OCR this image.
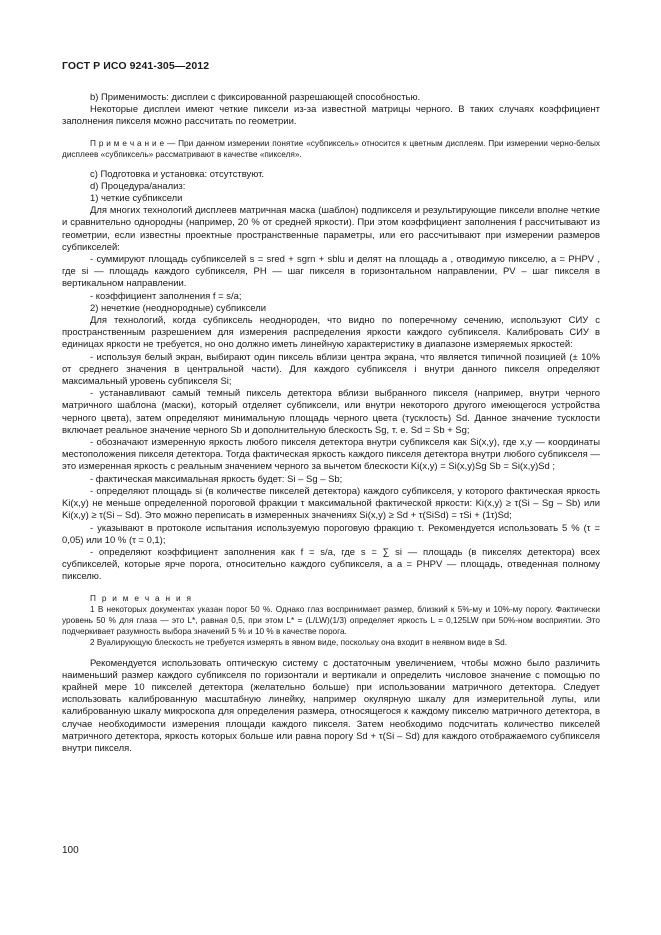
ГОСТ Р ИСО 9241-305—2012

b) Применимость: дисплеи с фиксированной разрешающей способностью.

Некоторые дисплеи имеют четкие пиксели из-за известной матрицы черного. В таких случаях коэффициент заполнения пикселя можно рассчитать по геометрии.

П р и м е ч а н и е — При данном измерении понятие «субпиксель» относится к цветным дисплеям. При измерении черно-белых дисплеев «субпиксель» рассматривают в качестве «пикселя».

c) Подготовка и установка: отсутствуют.

d) Процедура/анализ:

1) четкие субпиксели

Для многих технологий дисплеев матричная маска (шаблон) подпикселя и результирующие пиксели вполне четкие и сравнительно однородны (например, 20 % от средней яркости). При этом коэффициент заполнения f рассчитывают из геометрии, если известны проектные пространственные параметры, или его рассчитывают при измерении размеров субпикселей:

- суммируют площадь субпикселей s = sred + sgrn + sblu и делят на площадь a , отводимую пикселю, a = PHPV , где si — площадь каждого субпикселя, PH — шаг пикселя в горизонтальном направлении, PV – шаг пикселя в вертикальном направлении.

- коэффициент заполнения f = s/a;

2) нечеткие (неоднородные) субпиксели

Для технологий, когда субпиксель неоднороден, что видно по поперечному сечению, используют СИУ с пространственным разрешением для измерения распределения яркости каждого субпикселя. Калибровать СИУ в единицах яркости не требуется, но оно должно иметь линейную характеристику в диапазоне измеряемых яркостей:

- используя белый экран, выбирают один пиксель вблизи центра экрана, что является типичной позицией (± 10% от среднего значения в центральной части). Для каждого субпикселя i внутри данного пикселя определяют максимальный уровень субпикселя Si;

- устанавливают самый темный пиксель детектора вблизи выбранного пикселя (например, внутри черного матричного шаблона (маски), который отделяет субпиксели, или внутри некоторого другого имеющегося устройства черного цвета), затем определяют минимальную площадь черного цвета (тусклость) Sd. Данное значение тусклости включает реальное значение черного Sb и дополнительную блескость Sg, т. е. Sd = Sb + Sg;

- обозначают измеренную яркость любого пикселя детектора внутри субпикселя как Si(x,y), где x,y — координаты местоположения пикселя детектора. Тогда фактическая яркость каждого пикселя детектора внутри любого субпикселя — это измеренная яркость с реальным значением черного за вычетом блескости Ki(x,y) = Si(x,y)Sg Sb = Si(x,y)Sd ;

- фактическая максимальная яркость будет: Si – Sg – Sb;

- определяют площадь si (в количестве пикселей детектора) каждого субпикселя, у которого фактическая яркость Ki(x,y) не меньше определенной пороговой фракции τ максимальной фактической яркости: Ki(x,y) ≥ τ(Si – Sg – Sb) или Ki(x,y) ≥ τ(Si – Sd). Это можно переписать в измеренных значениях Si(x,y) ≥ Sd + τ(SiSd) = τSi + (1τ)Sd;

- указывают в протоколе испытания используемую пороговую фракцию τ. Рекомендуется использовать 5 % (τ = 0,05) или 10 % (τ = 0,1);

- определяют коэффициент заполнения как f = s/a, где s = ∑ si — площадь (в пикселях детектора) всех субпикселей, которые ярче порога, относительно каждого субпикселя, а a = PHPV — площадь, отведенная полному пикселю.

П р и м е ч а н и я

1 В некоторых документах указан порог 50 %. Однако глаз воспринимает размер, близкий к 5%-му и 10%-му порогу. Фактически уровень 50 % для глаза — это L*, равная 0,5, при этом L* = (L/LW)(1/3) определяет яркость L = 0,125LW при 50%-ном восприятии. Это подчеркивает разумность выбора значений 5 % и 10 % в качестве порога.

2 Вуалирующую блескость не требуется измерять в явном виде, поскольку она входит в неявном виде в Sd.

Рекомендуется использовать оптическую систему с достаточным увеличением, чтобы можно было различить наименьший размер каждого субпикселя по горизонтали и вертикали и определить числовое значение с помощью по крайней мере 10 пикселей детектора (желательно больше) при использовании матричного детектора. Следует использовать калиброванную масштабную линейку, например окулярную шкалу для измерительной лупы, или калиброванную шкалу микроскопа для определения размера, относящегося к каждому пикселю матричного детектора, в случае необходимости измерения площади каждого пикселя. Затем необходимо подсчитать количество пикселей матричного детектора, яркость которых больше или равна порогу Sd + τ(Si – Sd) для каждого отображаемого субпикселя внутри пикселя.

100
